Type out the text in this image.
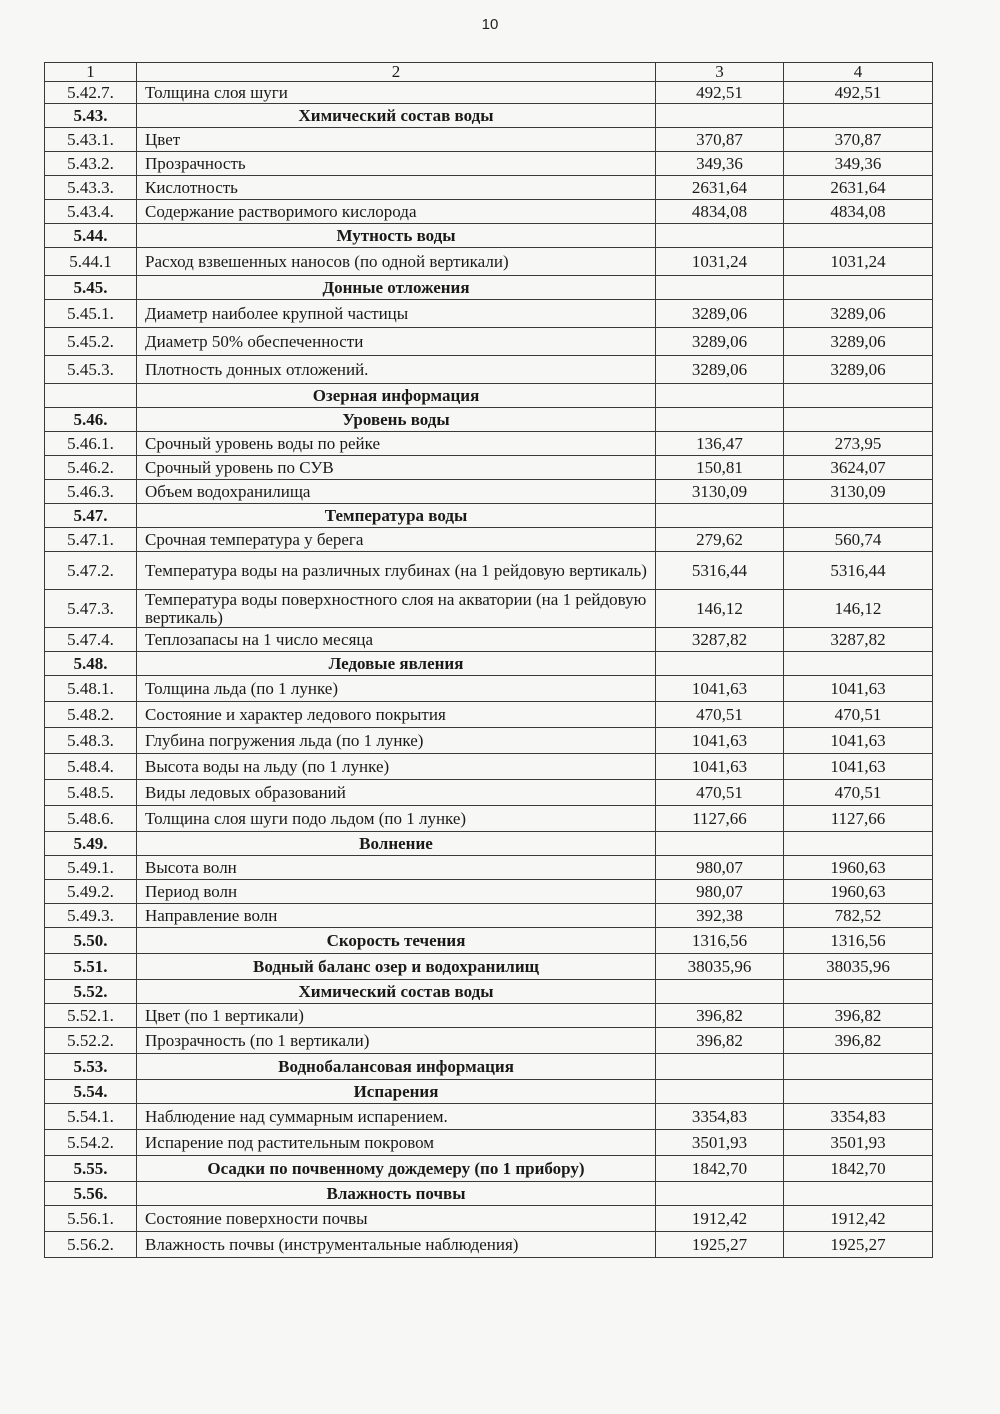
10
1	2	3	4
5.42.7.	Толщина слоя шуги	492,51	492,51
5.43.	Химический состав воды		
5.43.1.	Цвет	370,87	370,87
5.43.2.	Прозрачность	349,36	349,36
5.43.3.	Кислотность	2631,64	2631,64
5.43.4.	Содержание растворимого кислорода	4834,08	4834,08
5.44.	Мутность воды		
5.44.1	Расход взвешенных наносов (по одной вертикали)	1031,24	1031,24
5.45.	Донные отложения		
5.45.1.	Диаметр наиболее крупной частицы	3289,06	3289,06
5.45.2.	Диаметр 50% обеспеченности	3289,06	3289,06
5.45.3.	Плотность донных отложений.	3289,06	3289,06
	Озерная информация		
5.46.	Уровень воды		
5.46.1.	Срочный уровень воды по рейке	136,47	273,95
5.46.2.	Срочный уровень по СУВ	150,81	3624,07
5.46.3.	Объем водохранилища	3130,09	3130,09
5.47.	Температура воды		
5.47.1.	Срочная температура у берега	279,62	560,74
5.47.2.	Температура воды на различных глубинах (на 1 рейдовую вертикаль)	5316,44	5316,44
5.47.3.	Температура воды поверхностного слоя на акватории (на 1 рейдовую вертикаль)	146,12	146,12
5.47.4.	Теплозапасы на 1 число месяца	3287,82	3287,82
5.48.	Ледовые явления		
5.48.1.	Толщина льда (по 1 лунке)	1041,63	1041,63
5.48.2.	Состояние и характер ледового покрытия	470,51	470,51
5.48.3.	Глубина погружения льда (по 1 лунке)	1041,63	1041,63
5.48.4.	Высота воды на льду (по 1 лунке)	1041,63	1041,63
5.48.5.	Виды ледовых образований	470,51	470,51
5.48.6.	Толщина слоя шуги подо льдом (по 1 лунке)	1127,66	1127,66
5.49.	Волнение		
5.49.1.	Высота волн	980,07	1960,63
5.49.2.	Период волн	980,07	1960,63
5.49.3.	Направление волн	392,38	782,52
5.50.	Скорость течения	1316,56	1316,56
5.51.	Водный баланс озер и водохранилищ	38035,96	38035,96
5.52.	Химический состав воды		
5.52.1.	Цвет (по 1 вертикали)	396,82	396,82
5.52.2.	Прозрачность (по 1 вертикали)	396,82	396,82
5.53.	Воднобалансовая информация		
5.54.	Испарения		
5.54.1.	Наблюдение над суммарным испарением.	3354,83	3354,83
5.54.2.	Испарение под растительным покровом	3501,93	3501,93
5.55.	Осадки по почвенному дождемеру (по 1 прибору)	1842,70	1842,70
5.56.	Влажность почвы		
5.56.1.	Состояние поверхности почвы	1912,42	1912,42
5.56.2.	Влажность почвы (инструментальные наблюдения)	1925,27	1925,27
